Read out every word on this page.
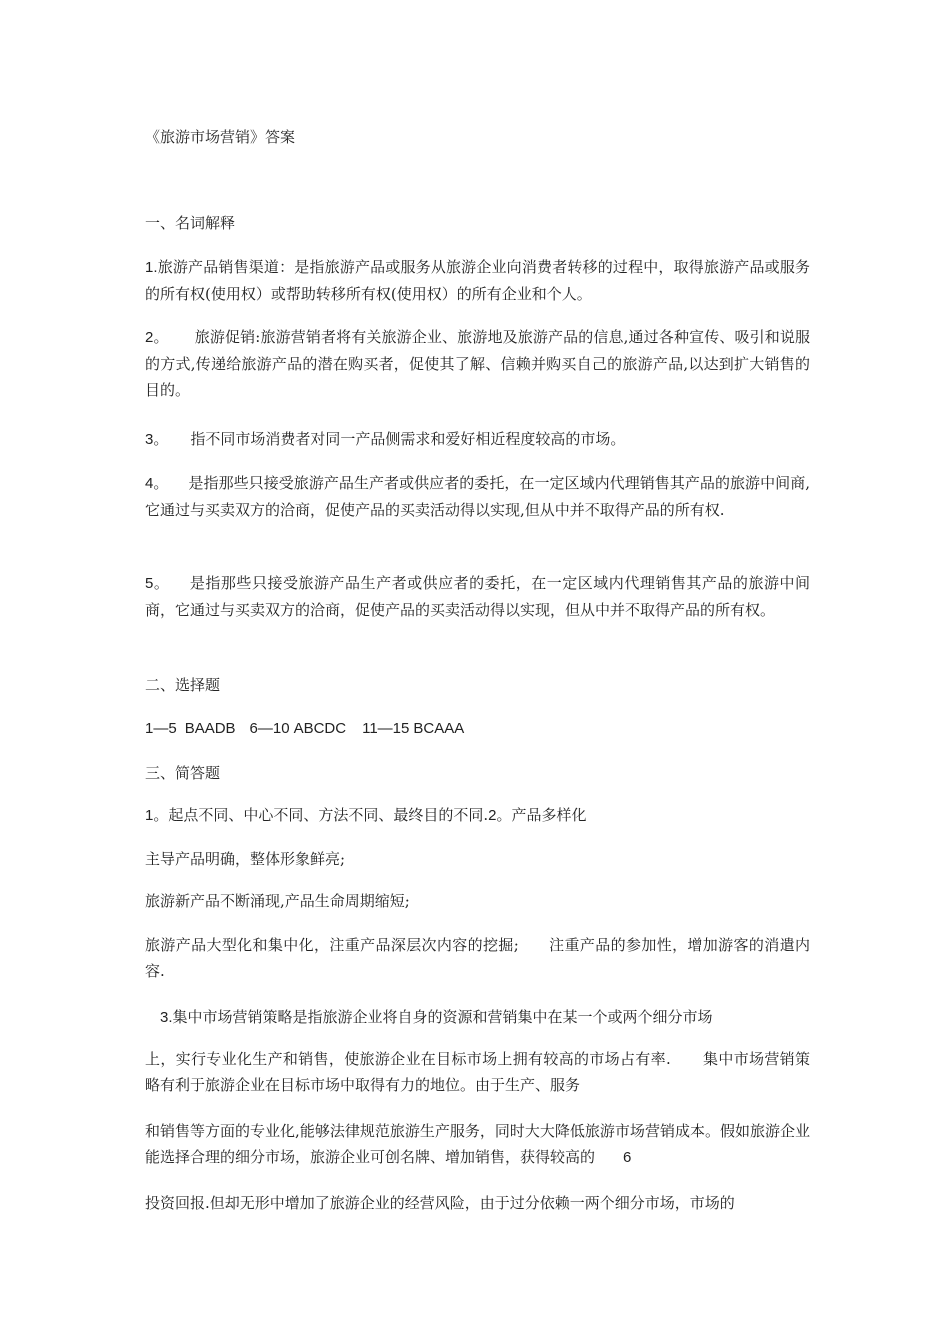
《旅游市场营销》答案

一、名词解释

1.旅游产品销售渠道：是指旅游产品或服务从旅游企业向消费者转移的过程中，取得旅游产品或服务的所有权(使用权）或帮助转移所有权(使用权）的所有企业和个人。

2。 旅游促销:旅游营销者将有关旅游企业、旅游地及旅游产品的信息,通过各种宣传、吸引和说服的方式,传递给旅游产品的潜在购买者，促使其了解、信赖并购买自己的旅游产品,以达到扩大销售的目的。

3。 指不同市场消费者对同一产品侧需求和爱好相近程度较高的市场。

4。 是指那些只接受旅游产品生产者或供应者的委托，在一定区域内代理销售其产品的旅游中间商,它通过与买卖双方的洽商，促使产品的买卖活动得以实现,但从中并不取得产品的所有权.

5。 是指那些只接受旅游产品生产者或供应者的委托，在一定区域内代理销售其产品的旅游中间商，它通过与买卖双方的洽商，促使产品的买卖活动得以实现，但从中并不取得产品的所有权。

二、选择题

1—5 BAADB 6—10 ABCDC 11—15 BCAAA

三、简答题

1。起点不同、中心不同、方法不同、最终目的不同.2。产品多样化

主导产品明确，整体形象鲜亮;

旅游新产品不断涌现,产品生命周期缩短;

旅游产品大型化和集中化，注重产品深层次内容的挖掘; 注重产品的参加性，增加游客的消遣内容.

3.集中市场营销策略是指旅游企业将自身的资源和营销集中在某一个或两个细分市场

上，实行专业化生产和销售，使旅游企业在目标市场上拥有较高的市场占有率. 集中市场营销策略有利于旅游企业在目标市场中取得有力的地位。由于生产、服务

和销售等方面的专业化,能够法律规范旅游生产服务，同时大大降低旅游市场营销成本。假如旅游企业能选择合理的细分市场，旅游企业可创名牌、增加销售，获得较高的 6

投资回报.但却无形中增加了旅游企业的经营风险，由于过分依赖一两个细分市场，市场的
